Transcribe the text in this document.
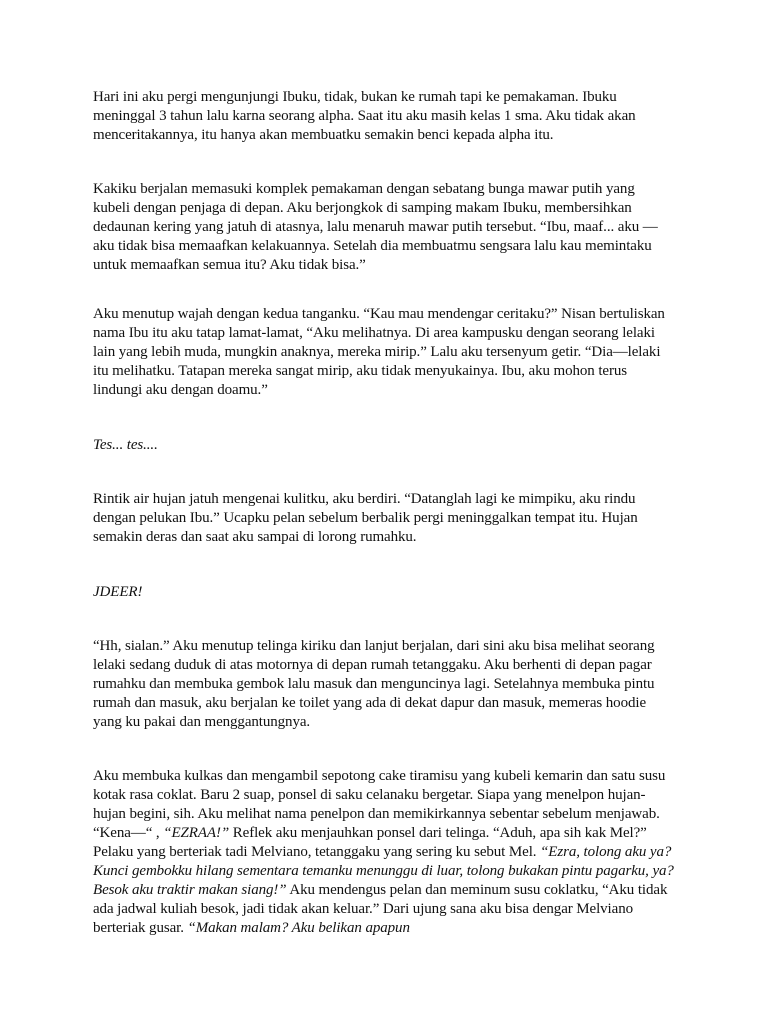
Hari ini aku pergi mengunjungi Ibuku, tidak, bukan ke rumah tapi ke pemakaman. Ibuku meninggal 3 tahun lalu karna seorang alpha. Saat itu aku masih kelas 1 sma. Aku tidak akan menceritakannya, itu hanya akan membuatku semakin benci kepada alpha itu.

Kakiku berjalan memasuki komplek pemakaman dengan sebatang bunga mawar putih yang kubeli dengan penjaga di depan. Aku berjongkok di samping makam Ibuku, membersihkan dedaunan kering yang jatuh di atasnya, lalu menaruh mawar putih tersebut. “Ibu, maaf... aku —aku tidak bisa memaafkan kelakuannya. Setelah dia membuatmu sengsara lalu kau memintaku untuk memaafkan semua itu? Aku tidak bisa.”

Aku menutup wajah dengan kedua tanganku. “Kau mau mendengar ceritaku?” Nisan bertuliskan nama Ibu itu aku tatap lamat-lamat, “Aku melihatnya. Di area kampusku dengan seorang lelaki lain yang lebih muda, mungkin anaknya, mereka mirip.” Lalu aku tersenyum getir. “Dia—lelaki itu melihatku. Tatapan mereka sangat mirip, aku tidak menyukainya. Ibu, aku mohon terus lindungi aku dengan doamu.”

Tes... tes....

Rintik air hujan jatuh mengenai kulitku, aku berdiri. “Datanglah lagi ke mimpiku, aku rindu dengan pelukan Ibu.” Ucapku pelan sebelum berbalik pergi meninggalkan tempat itu. Hujan semakin deras dan saat aku sampai di lorong rumahku.

JDEER!

“Hh, sialan.” Aku menutup telinga kiriku dan lanjut berjalan, dari sini aku bisa melihat seorang lelaki sedang duduk di atas motornya di depan rumah tetanggaku. Aku berhenti di depan pagar rumahku dan membuka gembok lalu masuk dan menguncinya lagi. Setelahnya membuka pintu rumah dan masuk, aku berjalan ke toilet yang ada di dekat dapur dan masuk, memeras hoodie yang ku pakai dan menggantungnya.

Aku membuka kulkas dan mengambil sepotong cake tiramisu yang kubeli kemarin dan satu susu kotak rasa coklat. Baru 2 suap, ponsel di saku celanaku bergetar. Siapa yang menelpon hujan-hujan begini, sih. Aku melihat nama penelpon dan memikirkannya sebentar sebelum menjawab. “Kena—“ , “EZRAA!” Reflek aku menjauhkan ponsel dari telinga. “Aduh, apa sih kak Mel?” Pelaku yang berteriak tadi Melviano, tetanggaku yang sering ku sebut Mel. “Ezra, tolong aku ya? Kunci gembokku hilang sementara temanku menunggu di luar, tolong bukakan pintu pagarku, ya? Besok aku traktir makan siang!” Aku mendengus pelan dan meminum susu coklatku, “Aku tidak ada jadwal kuliah besok, jadi tidak akan keluar.” Dari ujung sana aku bisa dengar Melviano berteriak gusar. “Makan malam? Aku belikan apapun
